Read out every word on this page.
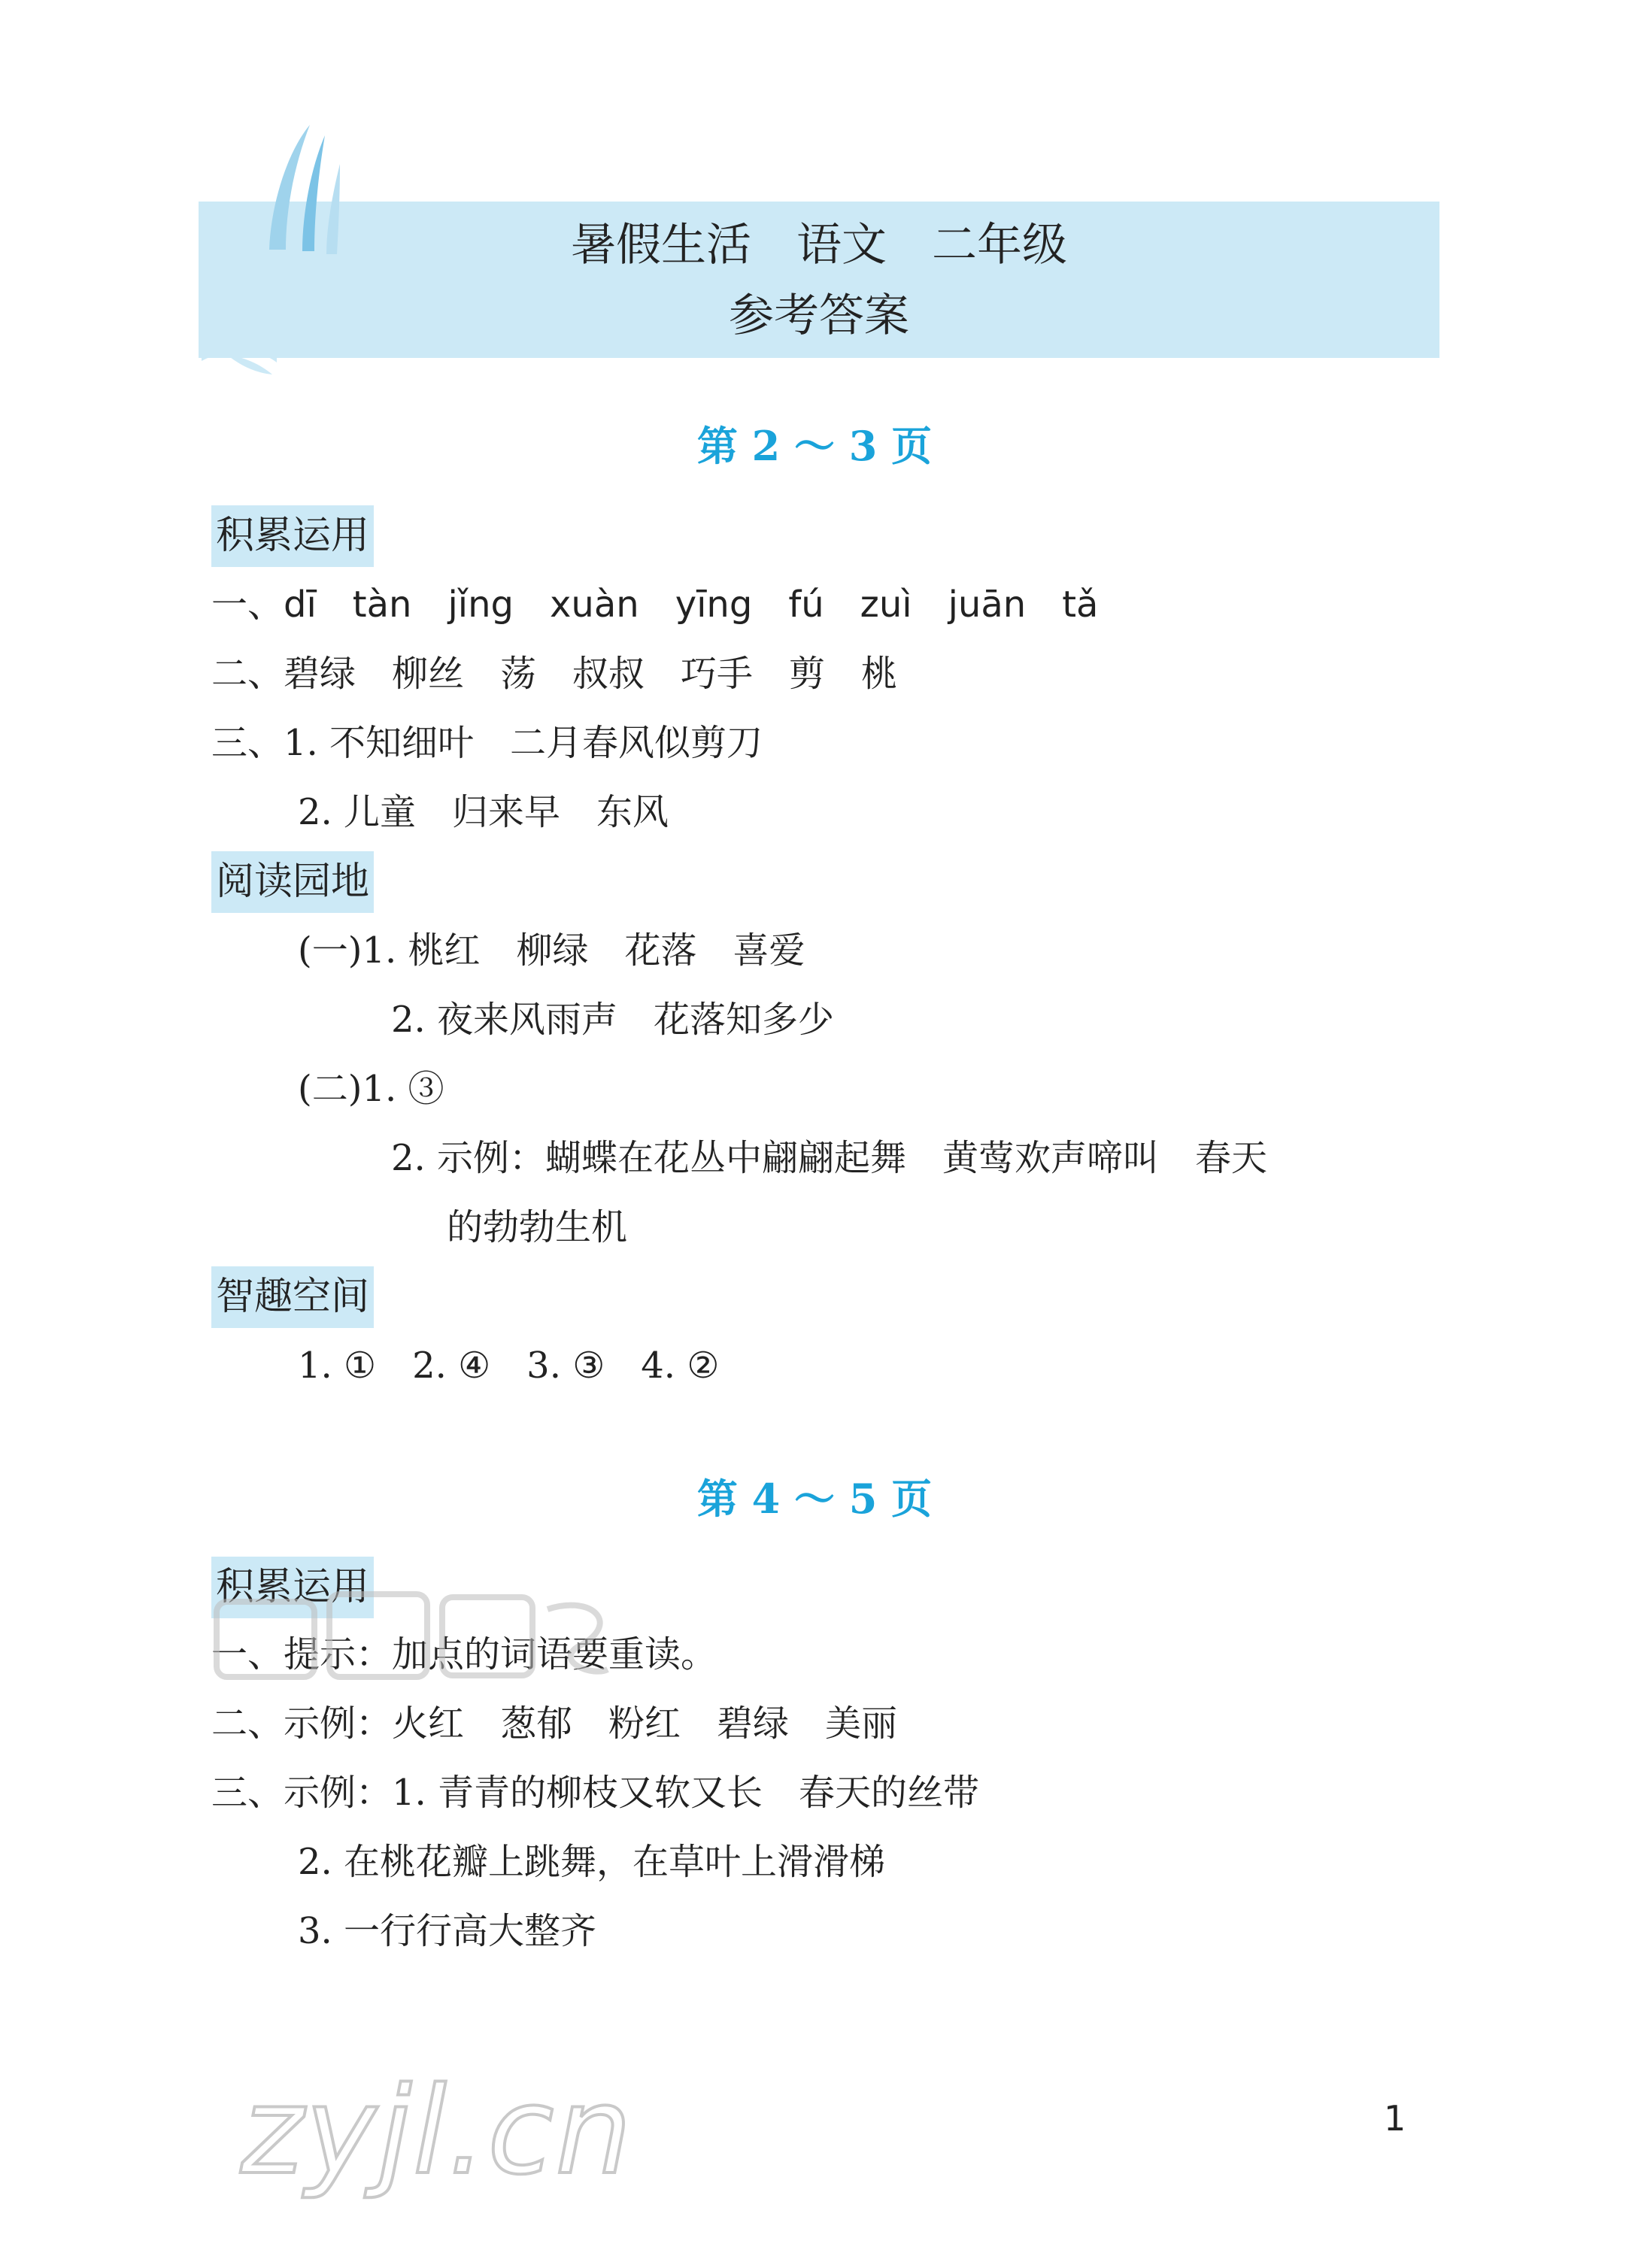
暑假生活　语文　二年级
参考答案
第 2 ～ 3 页
积累运用
一、dī　tàn　jǐng　xuàn　yīng　fú　zuì　juān　tǎ
二、碧绿　柳丝　荡　叔叔　巧手　剪　桃
三、1. 不知细叶　二月春风似剪刀
2. 儿童　归来早　东风
阅读园地
(一)1. 桃红　柳绿　花落　喜爱
2. 夜来风雨声　花落知多少
(二)1. ③
2. 示例：蝴蝶在花丛中翩翩起舞　黄莺欢声啼叫　春天
的勃勃生机
智趣空间
1. ①　2. ④　3. ③　4. ②
第 4 ～ 5 页
积累运用
一、提示：加点的词语要重读。
二、示例：火红　葱郁　粉红　碧绿　美丽
三、示例：1. 青青的柳枝又软又长　春天的丝带
2. 在桃花瓣上跳舞，在草叶上滑滑梯
3. 一行行高大整齐
zyjl.cn	1
